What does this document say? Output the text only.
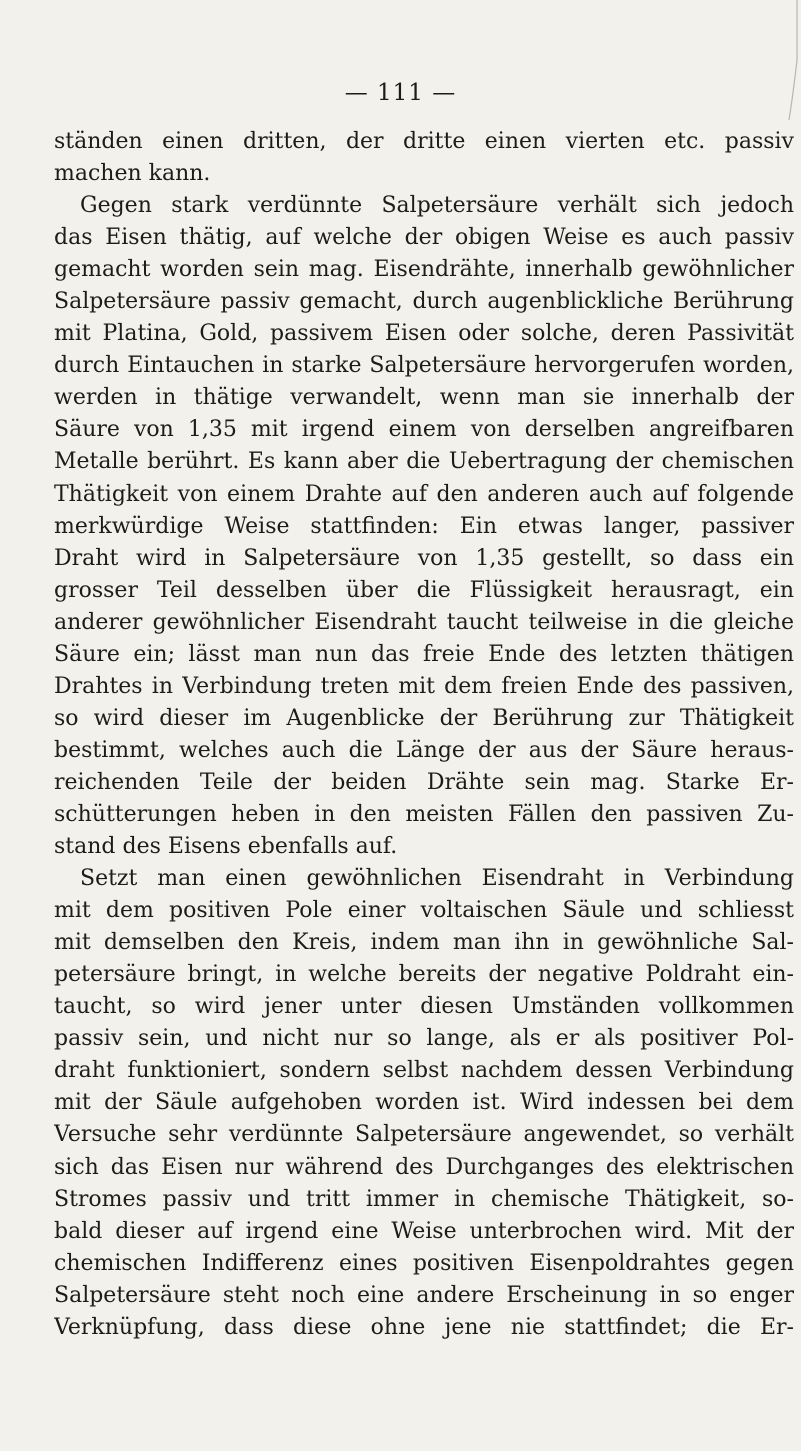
— 111 —
ständen einen dritten, der dritte einen vierten etc. passiv
machen kann.
Gegen stark verdünnte Salpetersäure verhält sich jedoch
das Eisen thätig, auf welche der obigen Weise es auch passiv
gemacht worden sein mag. Eisendrähte, innerhalb gewöhnlicher
Salpetersäure passiv gemacht, durch augenblickliche Berührung
mit Platina, Gold, passivem Eisen oder solche, deren Passivität
durch Eintauchen in starke Salpetersäure hervorgerufen worden,
werden in thätige verwandelt, wenn man sie innerhalb der
Säure von 1,35 mit irgend einem von derselben angreifbaren
Metalle berührt. Es kann aber die Uebertragung der chemischen
Thätigkeit von einem Drahte auf den anderen auch auf folgende
merkwürdige Weise stattfinden: Ein etwas langer, passiver
Draht wird in Salpetersäure von 1,35 gestellt, so dass ein
grosser Teil desselben über die Flüssigkeit herausragt, ein
anderer gewöhnlicher Eisendraht taucht teilweise in die gleiche
Säure ein; lässt man nun das freie Ende des letzten thätigen
Drahtes in Verbindung treten mit dem freien Ende des passiven,
so wird dieser im Augenblicke der Berührung zur Thätigkeit
bestimmt, welches auch die Länge der aus der Säure heraus-
reichenden Teile der beiden Drähte sein mag. Starke Er-
schütterungen heben in den meisten Fällen den passiven Zu-
stand des Eisens ebenfalls auf.
Setzt man einen gewöhnlichen Eisendraht in Verbindung
mit dem positiven Pole einer voltaischen Säule und schliesst
mit demselben den Kreis, indem man ihn in gewöhnliche Sal-
petersäure bringt, in welche bereits der negative Poldraht ein-
taucht, so wird jener unter diesen Umständen vollkommen
passiv sein, und nicht nur so lange, als er als positiver Pol-
draht funktioniert, sondern selbst nachdem dessen Verbindung
mit der Säule aufgehoben worden ist. Wird indessen bei dem
Versuche sehr verdünnte Salpetersäure angewendet, so verhält
sich das Eisen nur während des Durchganges des elektrischen
Stromes passiv und tritt immer in chemische Thätigkeit, so-
bald dieser auf irgend eine Weise unterbrochen wird. Mit der
chemischen Indifferenz eines positiven Eisenpoldrahtes gegen
Salpetersäure steht noch eine andere Erscheinung in so enger
Verknüpfung, dass diese ohne jene nie stattfindet; die Er-
